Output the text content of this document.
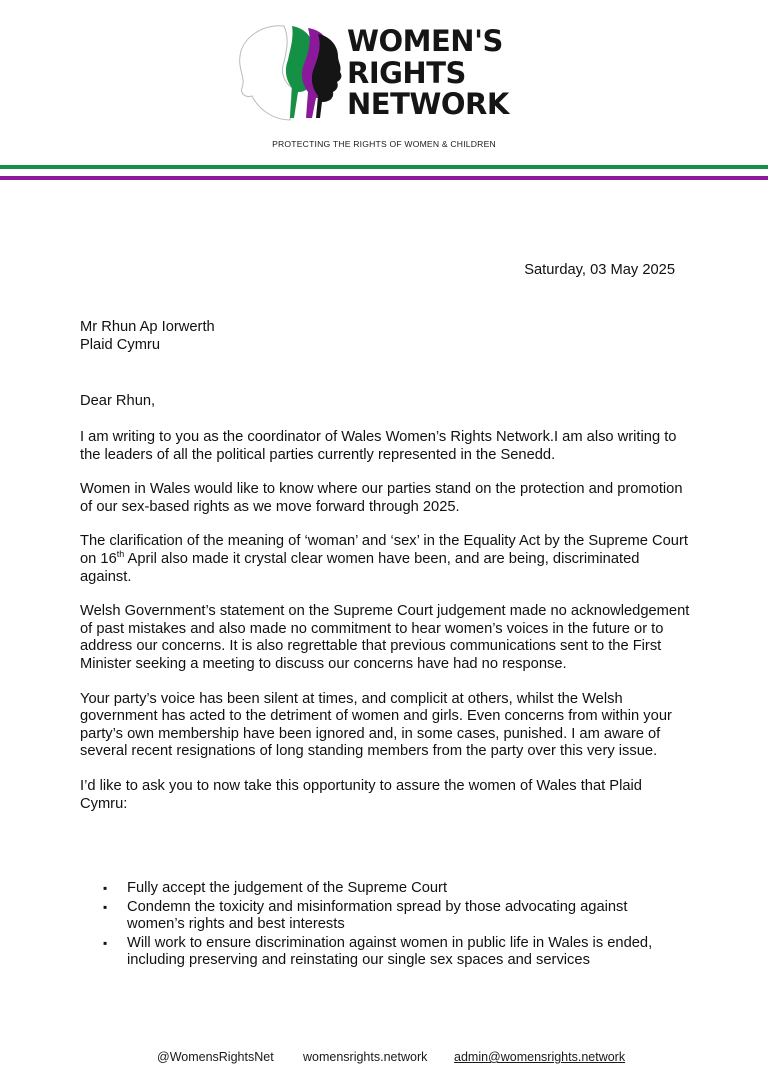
WOMEN'S
RIGHTS
NETWORK
PROTECTING THE RIGHTS OF WOMEN & CHILDREN
Saturday, 03 May 2025
Mr Rhun Ap Iorwerth
Plaid Cymru
Dear Rhun,

I am writing to you as the coordinator of Wales Women’s Rights Network.I am also writing to the leaders of all the political parties currently represented in the Senedd.

Women in Wales would like to know where our parties stand on the protection and promotion of our sex-based rights as we move forward through 2025.

The clarification of the meaning of ‘woman’ and ‘sex’ in the Equality Act by the Supreme Court on 16th April also made it crystal clear women have been, and are being, discriminated against.

Welsh Government’s statement on the Supreme Court judgement made no acknowledgement of past mistakes and also made no commitment to hear women’s voices in the future or to address our concerns. It is also regrettable that previous communications sent to the First Minister seeking a meeting to discuss our concerns have had no response.

Your party’s voice has been silent at times, and complicit at others, whilst the Welsh government has acted to the detriment of women and girls. Even concerns from within your party’s own membership have been ignored and, in some cases, punished. I am aware of several recent resignations of long standing members from the party over this very issue.

I’d like to ask you to now take this opportunity to assure the women of Wales that Plaid Cymru:

▪ Fully accept the judgement of the Supreme Court
▪ Condemn the toxicity and misinformation spread by those advocating against women’s rights and best interests
▪ Will work to ensure discrimination against women in public life in Wales is ended, including preserving and reinstating our single sex spaces and services
@WomensRightsNet womensrights.network admin@womensrights.network
